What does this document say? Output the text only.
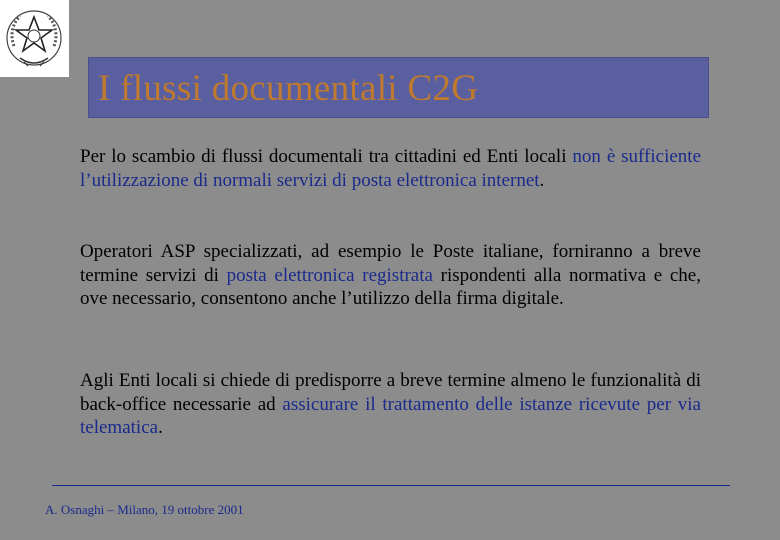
I flussi documentali C2G
Per lo scambio di flussi documentali tra cittadini ed Enti locali non è sufficiente l’utilizzazione di normali servizi di posta elettronica internet.
Operatori ASP specializzati, ad esempio le Poste italiane, forniranno a breve termine servizi di posta elettronica registrata rispondenti alla normativa e che, ove necessario, consentono anche l’utilizzo della firma digitale.
Agli Enti locali si chiede di predisporre a breve termine almeno le funzionalità di back-office necessarie ad assicurare il trattamento delle istanze ricevute per via telematica.
A. Osnaghi – Milano, 19 ottobre 2001
